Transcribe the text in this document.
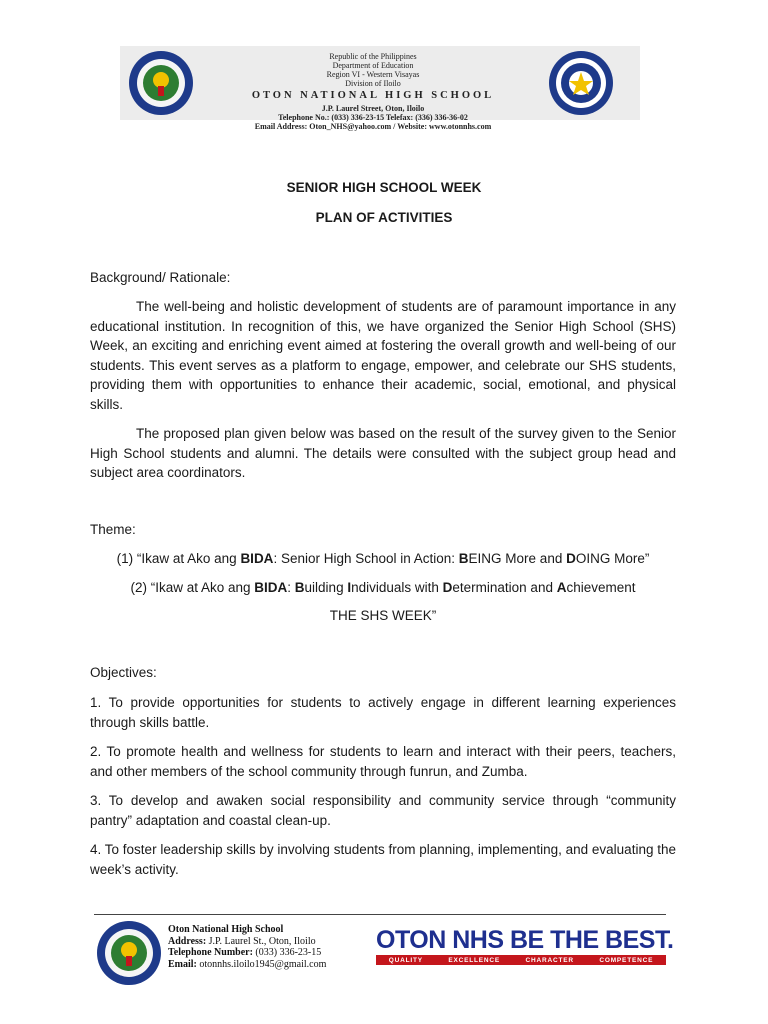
Republic of the Philippines
Department of Education
Region VI - Western Visayas
Division of Iloilo
OTON NATIONAL HIGH SCHOOL
J.P. Laurel Street, Oton, Iloilo
Telephone No.: (033) 336-23-15 Telefax: (336) 336-36-02
Email Address: Oton_NHS@yahoo.com / Website: www.otonnhs.com
SENIOR HIGH SCHOOL WEEK
PLAN OF ACTIVITIES
Background/ Rationale:
The well-being and holistic development of students are of paramount importance in any educational institution. In recognition of this, we have organized the Senior High School (SHS) Week, an exciting and enriching event aimed at fostering the overall growth and well-being of our students. This event serves as a platform to engage, empower, and celebrate our SHS students, providing them with opportunities to enhance their academic, social, emotional, and physical skills.
The proposed plan given below was based on the result of the survey given to the Senior High School students and alumni. The details were consulted with the subject group head and subject area coordinators.
Theme:
(1) “Ikaw at Ako ang BIDA: Senior High School in Action: BEING More and DOING More”
(2) “Ikaw at Ako ang BIDA: Building Individuals with Determination and Achievement
THE SHS WEEK”
Objectives:
1. To provide opportunities for students to actively engage in different learning experiences through skills battle.
2. To promote health and wellness for students to learn and interact with their peers, teachers, and other members of the school community through funrun, and Zumba.
3. To develop and awaken social responsibility and community service through “community pantry” adaptation and coastal clean-up.
4. To foster leadership skills by involving students from planning, implementing, and evaluating the week’s activity.
Oton National High School
Address: J.P. Laurel St., Oton, Iloilo
Telephone Number: (033) 336-23-15
Email: otonnhs.iloilo1945@gmail.com
OTON NHS BE THE BEST.
QUALITY	EXCELLENCE	CHARACTER	COMPETENCE
